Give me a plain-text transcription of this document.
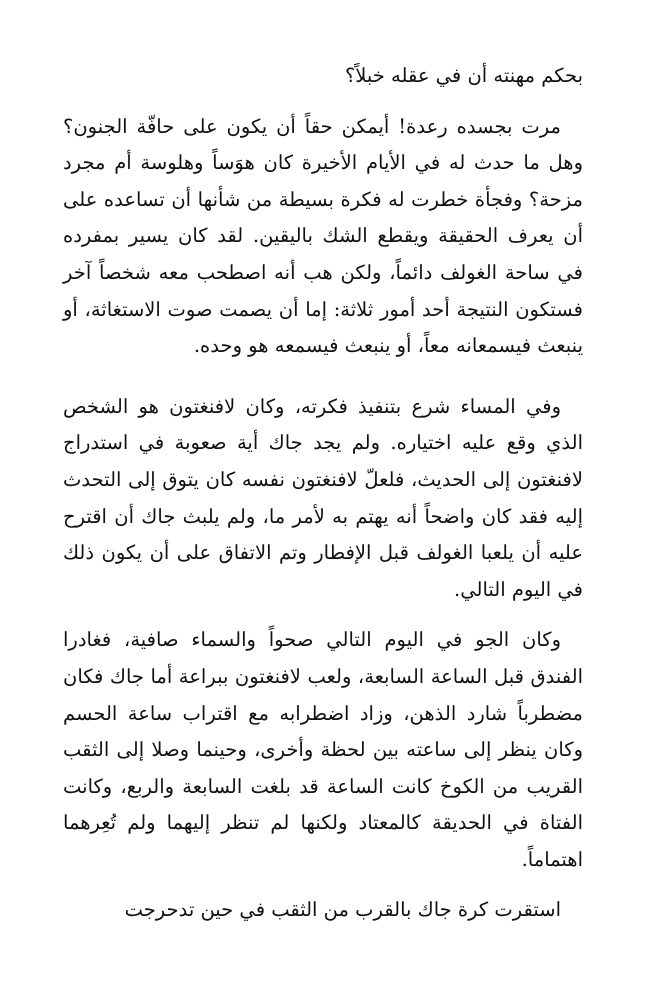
بحكم مهنته أن في عقله خبلاً؟

مرت بجسده رعدة! أيمكن حقاً أن يكون على حافّة الجنون؟ وهل ما حدث له في الأيام الأخيرة كان هوَساً وهلوسة أم مجرد مزحة؟ وفجأة خطرت له فكرة بسيطة من شأنها أن تساعده على أن يعرف الحقيقة ويقطع الشك باليقين. لقد كان يسير بمفرده في ساحة الغولف دائماً، ولكن هب أنه اصطحب معه شخصاً آخر فستكون النتيجة أحد أمور ثلاثة: إما أن يصمت صوت الاستغاثة، أو ينبعث فيسمعانه معاً، أو ينبعث فيسمعه هو وحده.

وفي المساء شرع بتنفيذ فكرته، وكان لافنغتون هو الشخص الذي وقع عليه اختياره. ولم يجد جاك أية صعوبة في استدراج لافنغتون إلى الحديث، فلعلّ لافنغتون نفسه كان يتوق إلى التحدث إليه فقد كان واضحاً أنه يهتم به لأمر ما، ولم يلبث جاك أن اقترح عليه أن يلعبا الغولف قبل الإفطار وتم الاتفاق على أن يكون ذلك في اليوم التالي.

وكان الجو في اليوم التالي صحواً والسماء صافية، فغادرا الفندق قبل الساعة السابعة، ولعب لافنغتون ببراعة أما جاك فكان مضطرباً شارد الذهن، وزاد اضطرابه مع اقتراب ساعة الحسم وكان ينظر إلى ساعته بين لحظة وأخرى، وحينما وصلا إلى الثقب القريب من الكوخ كانت الساعة قد بلغت السابعة والربع، وكانت الفتاة في الحديقة كالمعتاد ولكنها لم تنظر إليهما ولم تُعِرهما اهتماماً.

استقرت كرة جاك بالقرب من الثقب في حين تدحرجت
